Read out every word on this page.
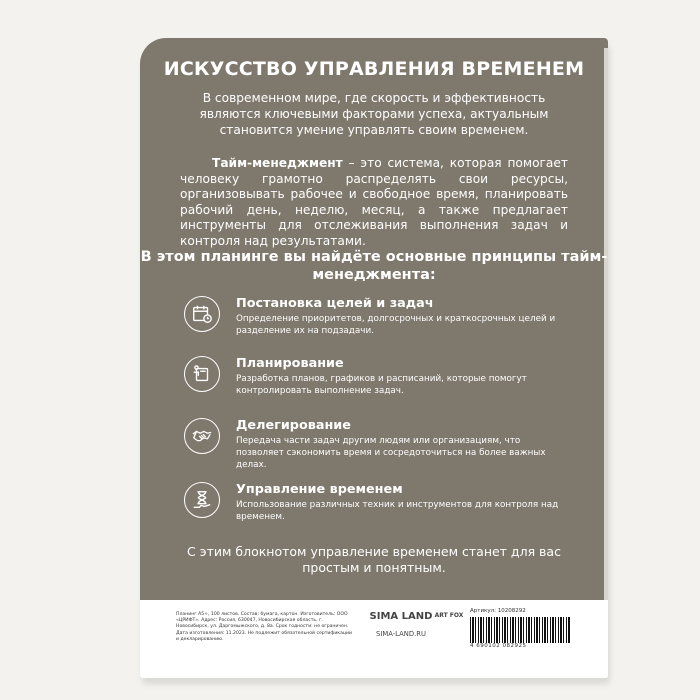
ИСКУССТВО УПРАВЛЕНИЯ ВРЕМЕНЕМ
В современном мире, где скорость и эффективность являются ключевыми факторами успеха, актуальным становится умение управлять своим временем.
Тайм-менеджмент – это система, которая помогает человеку грамотно распределять свои ресурсы, организовывать рабочее и свободное время, планировать рабочий день, неделю, месяц, а также предлагает инструменты для отслеживания выполнения задач и контроля над результатами.
В этом планинге вы найдёте основные принципы тайм-менеджмента:
Постановка целей и задач
Определение приоритетов, долгосрочных и краткосрочных целей и разделение их на подзадачи.
Планирование
Разработка планов, графиков и расписаний, которые помогут контролировать выполнение задач.
Делегирование
Передача части задач другим людям или организациям, что позволяет сэкономить время и сосредоточиться на более важных делах.
Управление временем
Использование различных техник и инструментов для контроля над временем.
С этим блокнотом управление временем станет для вас простым и понятным.
Планинг А5+, 100 листов. Состав: бумага, картон. Изготовитель: ООО «ЦРИФТ». Адрес: Россия, 630047, Новосибирская область, г. Новосибирск, ул. Даргомыжского, д. 8а. Срок годности: не ограничен. Дата изготовления: 11.2023. Не подлежит обязательной сертификации и декларированию.
SIMA LAND
SIMA-LAND.RU
ART FOX
Артикул: 10208292
4 690102 082925
